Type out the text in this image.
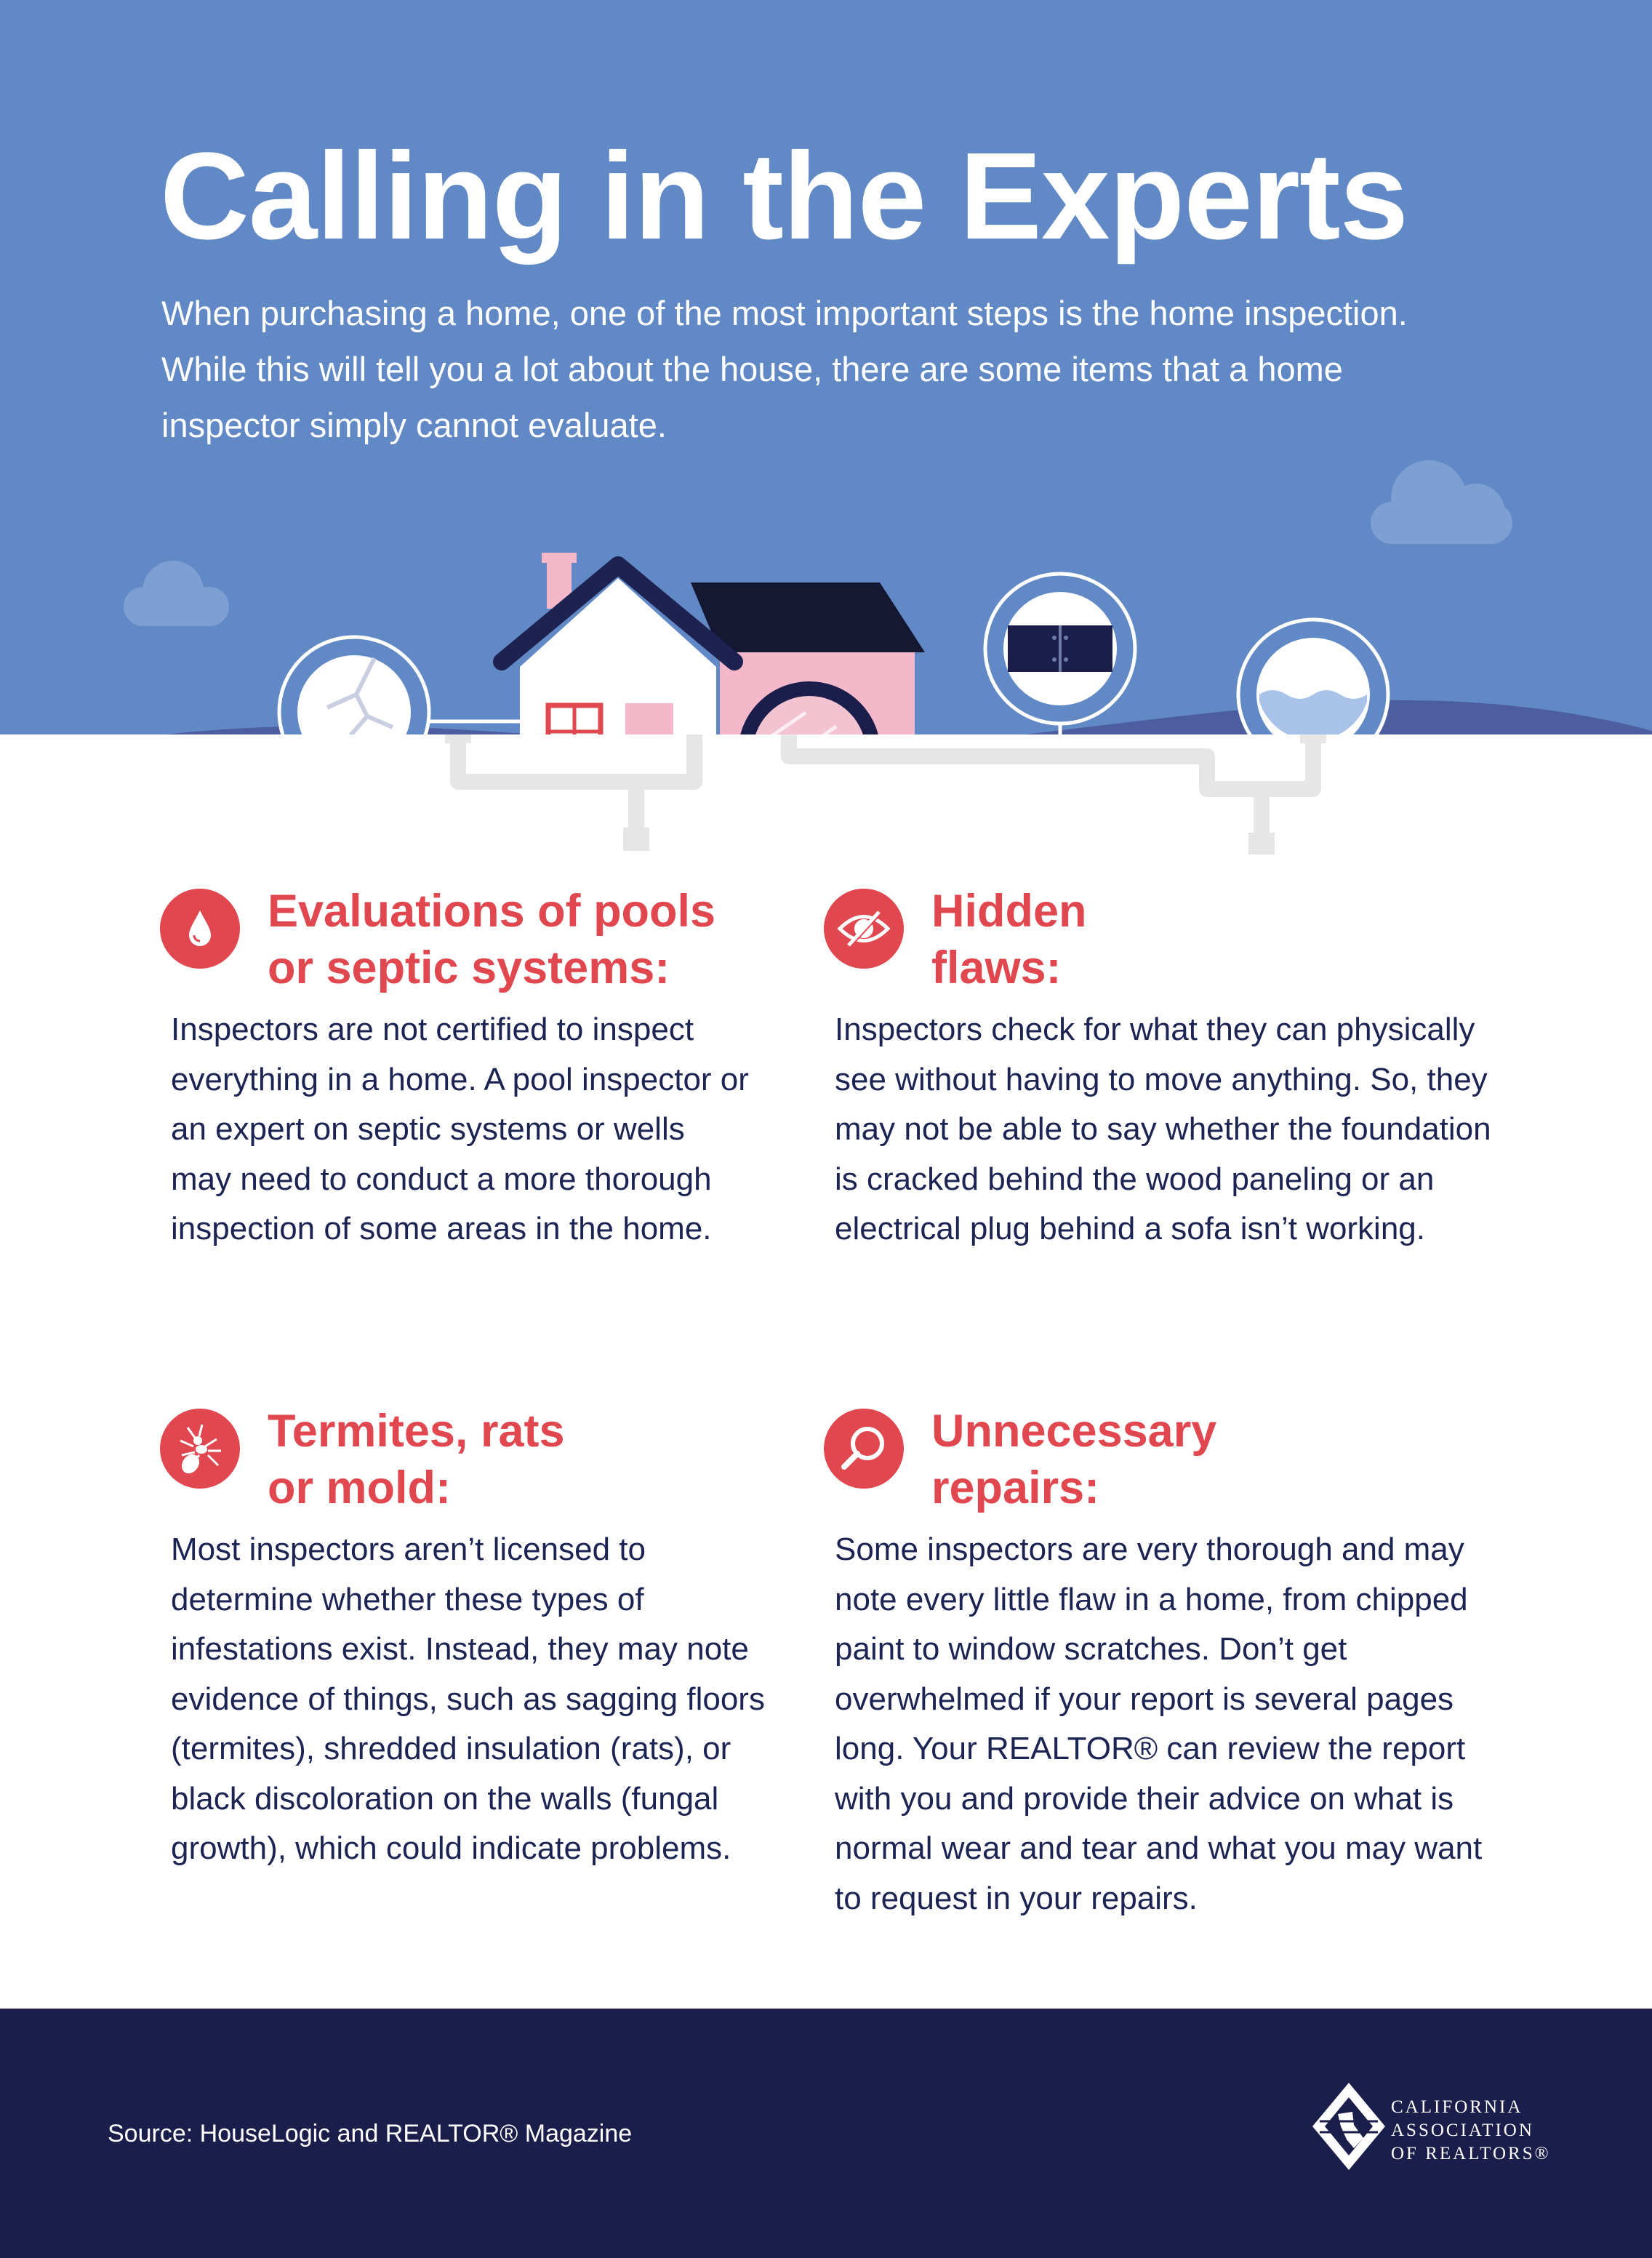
Calling in the Experts

When purchasing a home, one of the most important steps is the home inspection. While this will tell you a lot about the house, there are some items that a home inspector simply cannot evaluate.

Evaluations of pools or septic systems:

Inspectors are not certified to inspect everything in a home. A pool inspector or an expert on septic systems or wells may need to conduct a more thorough inspection of some areas in the home.

Hidden flaws:

Inspectors check for what they can physically see without having to move anything. So, they may not be able to say whether the foundation is cracked behind the wood paneling or an electrical plug behind a sofa isn’t working.

Termites, rats or mold:

Most inspectors aren’t licensed to determine whether these types of infestations exist. Instead, they may note evidence of things, such as sagging floors (termites), shredded insulation (rats), or black discoloration on the walls (fungal growth), which could indicate problems.

Unnecessary repairs:

Some inspectors are very thorough and may note every little flaw in a home, from chipped paint to window scratches. Don’t get overwhelmed if your report is several pages long. Your REALTOR® can review the report with you and provide their advice on what is normal wear and tear and what you may want to request in your repairs.

Source: HouseLogic and REALTOR® Magazine
CALIFORNIA
ASSOCIATION
OF REALTORS®
